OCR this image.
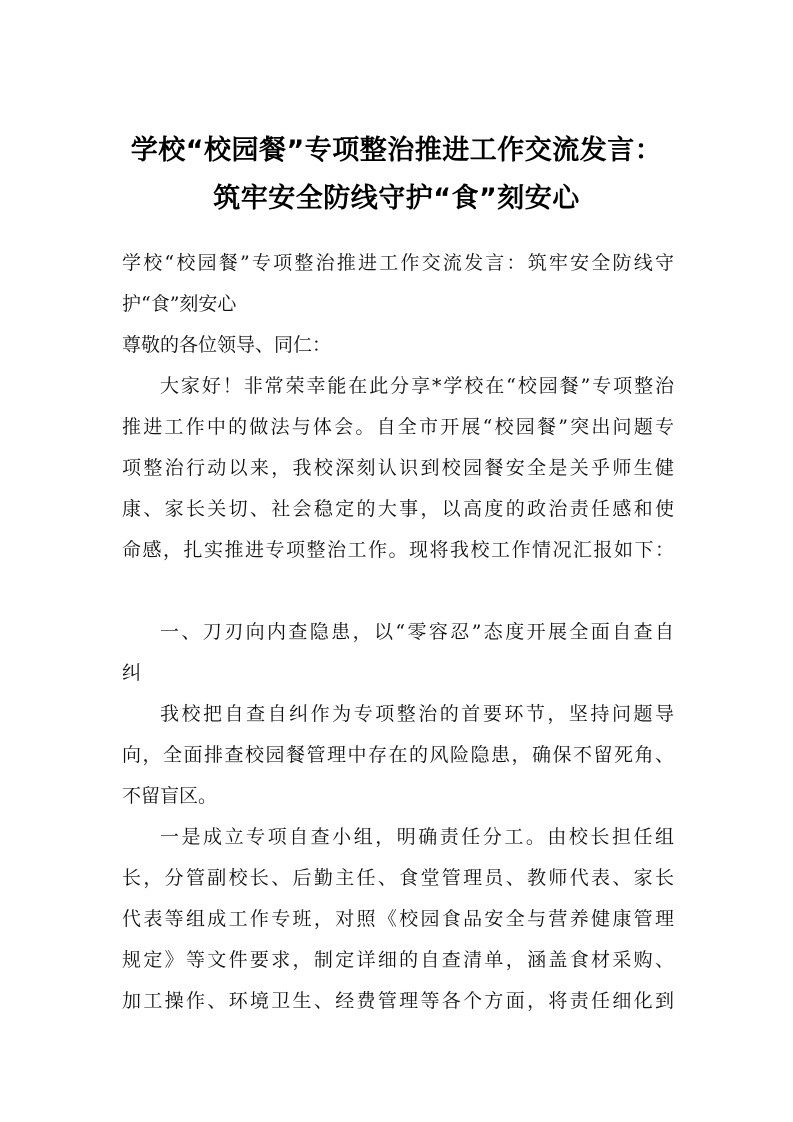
学校“校园餐”专项整治推进工作交流发言：
筑牢安全防线守护“食”刻安心
学校“校园餐”专项整治推进工作交流发言：筑牢安全防线守
护“食”刻安心
尊敬的各位领导、同仁：
大家好！非常荣幸能在此分享*学校在“校园餐”专项整治
推进工作中的做法与体会。自全市开展“校园餐”突出问题专
项整治行动以来，我校深刻认识到校园餐安全是关乎师生健
康、家长关切、社会稳定的大事，以高度的政治责任感和使
命感，扎实推进专项整治工作。现将我校工作情况汇报如下：
一、刀刃向内查隐患，以“零容忍”态度开展全面自查自
纠
我校把自查自纠作为专项整治的首要环节，坚持问题导
向，全面排查校园餐管理中存在的风险隐患，确保不留死角、
不留盲区。
一是成立专项自查小组，明确责任分工。由校长担任组
长，分管副校长、后勤主任、食堂管理员、教师代表、家长
代表等组成工作专班，对照《校园食品安全与营养健康管理
规定》等文件要求，制定详细的自查清单，涵盖食材采购、
加工操作、环境卫生、经费管理等各个方面，将责任细化到
